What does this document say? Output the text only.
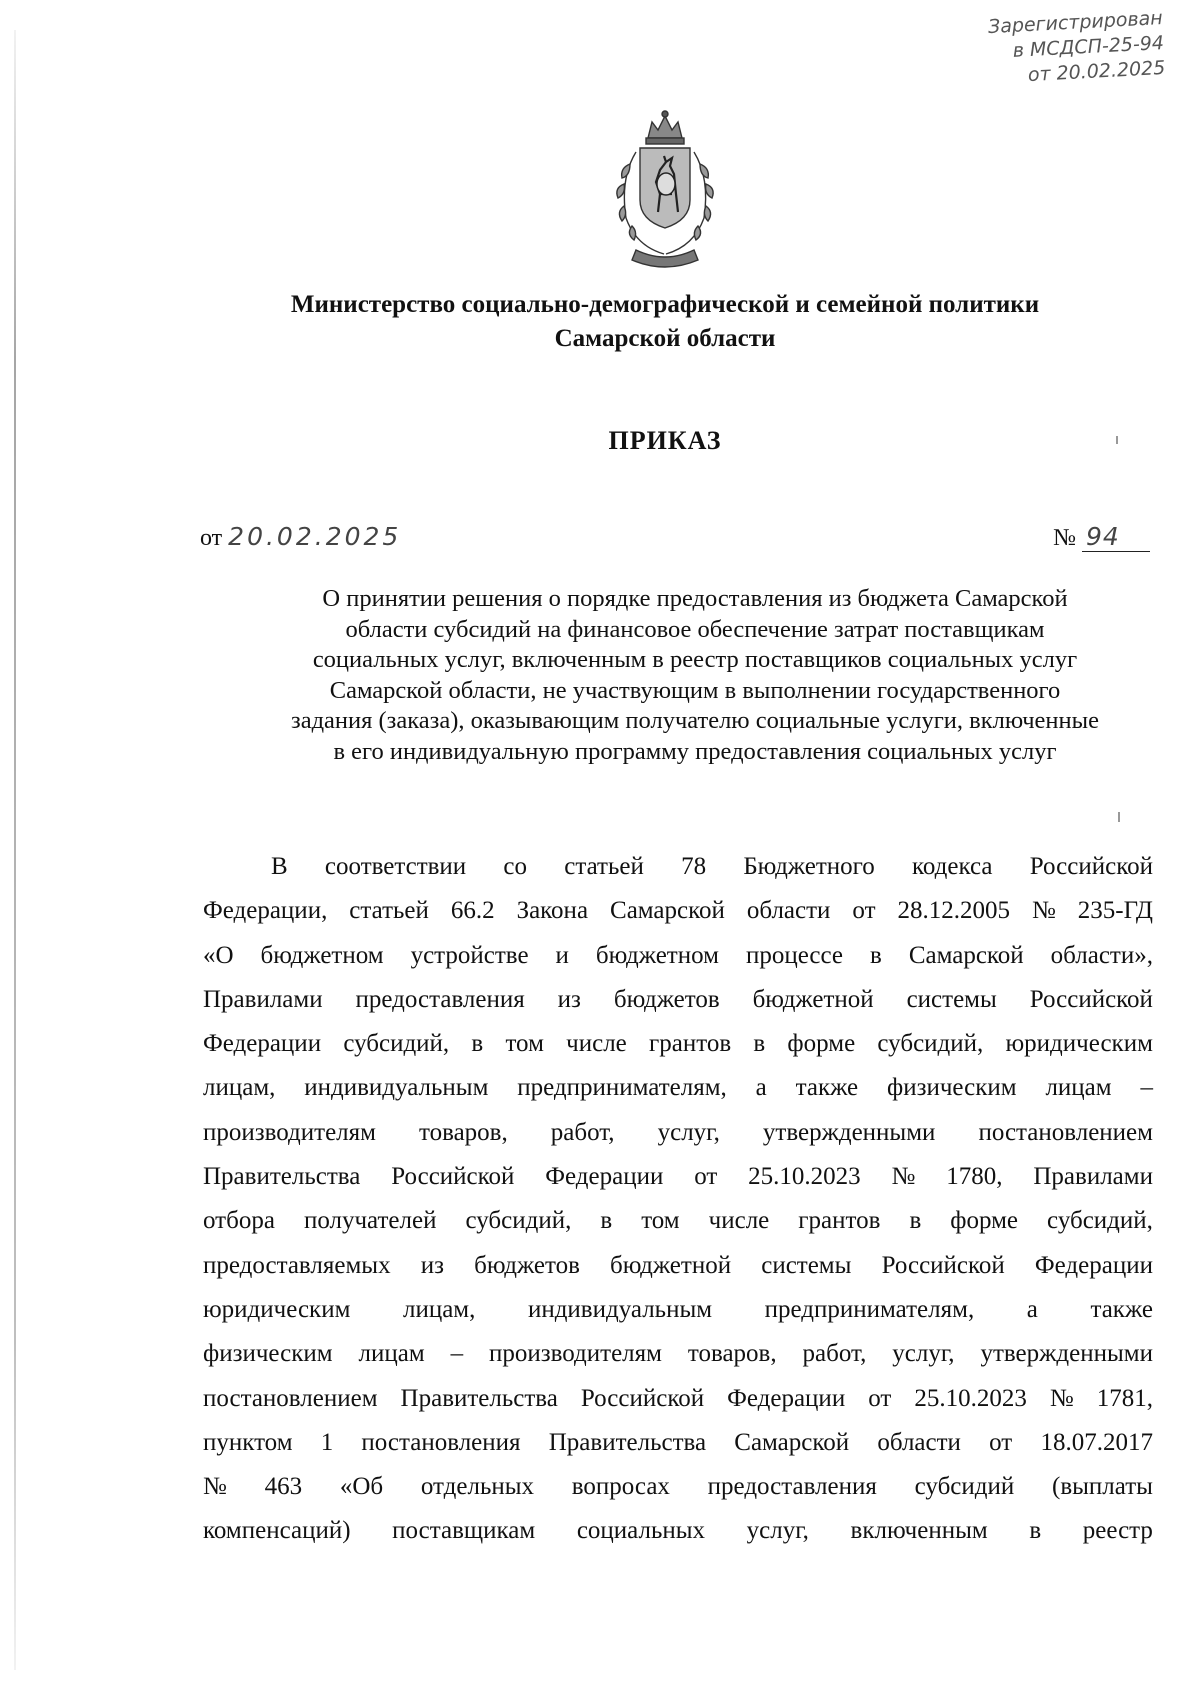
Зарегистрирован
в МСДСП-25-94
от 20.02.2025
Министерство социально-демографической и семейной политики
Самарской области
ПРИКАЗ
от 20.02.2025	№ 94
О принятии решения о порядке предоставления из бюджета Самарской
области субсидий на финансовое обеспечение затрат поставщикам
социальных услуг, включенным в реестр поставщиков социальных услуг
Самарской области, не участвующим в выполнении государственного
задания (заказа), оказывающим получателю социальные услуги, включенные
в его индивидуальную программу предоставления социальных услуг
В соответствии со статьей 78 Бюджетного кодекса Российской
Федерации, статьей 66.2 Закона Самарской области от 28.12.2005 № 235-ГД
«О бюджетном устройстве и бюджетном процессе в Самарской области»,
Правилами предоставления из бюджетов бюджетной системы Российской
Федерации субсидий, в том числе грантов в форме субсидий, юридическим
лицам, индивидуальным предпринимателям, а также физическим лицам –
производителям товаров, работ, услуг, утвержденными постановлением
Правительства Российской Федерации от 25.10.2023 № 1780, Правилами
отбора получателей субсидий, в том числе грантов в форме субсидий,
предоставляемых из бюджетов бюджетной системы Российской Федерации
юридическим лицам, индивидуальным предпринимателям, а также
физическим лицам – производителям товаров, работ, услуг, утвержденными
постановлением Правительства Российской Федерации от 25.10.2023 № 1781,
пунктом 1 постановления Правительства Самарской области от 18.07.2017
№ 463 «Об отдельных вопросах предоставления субсидий (выплаты
компенсаций) поставщикам социальных услуг, включенным в реестр
